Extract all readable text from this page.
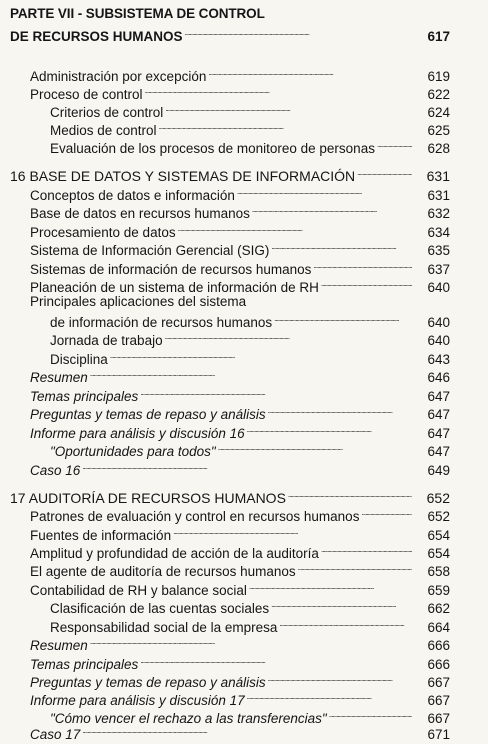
PARTE VII - SUBSISTEMA DE CONTROL
DE RECURSOS HUMANOS . . .	617
Administración por excepción . . .	619
Proceso de control . . .	622
Criterios de control . . .	624
Medios de control . . .	625
Evaluación de los procesos de monitoreo de personas . . .	628
16 BASE DE DATOS Y SISTEMAS DE INFORMACIÓN . . .	631
Conceptos de datos e información . . .	631
Base de datos en recursos humanos . . .	632
Procesamiento de datos . . .	634
Sistema de Información Gerencial (SIG) . . .	635
Sistemas de información de recursos humanos . . .	637
Planeación de un sistema de información de RH . . .	640
Principales aplicaciones del sistema
de información de recursos humanos . . .	640
Jornada de trabajo . . .	640
Disciplina . . .	643
Resumen . . .	646
Temas principales . . .	647
Preguntas y temas de repaso y análisis . . .	647
Informe para análisis y discusión 16 . . .	647
"Oportunidades para todos" . . .	647
Caso 16 . . .	649
17 AUDITORÍA DE RECURSOS HUMANOS . . .	652
Patrones de evaluación y control en recursos humanos . . .	652
Fuentes de información . . .	654
Amplitud y profundidad de acción de la auditoría . . .	654
El agente de auditoría de recursos humanos . . .	658
Contabilidad de RH y balance social . . .	659
Clasificación de las cuentas sociales . . .	662
Responsabilidad social de la empresa . . .	664
Resumen . . .	666
Temas principales . . .	666
Preguntas y temas de repaso y análisis . . .	667
Informe para análisis y discusión 17 . . .	667
"Cómo vencer el rechazo a las transferencias" . . .	667
Caso 17 . . .	671
